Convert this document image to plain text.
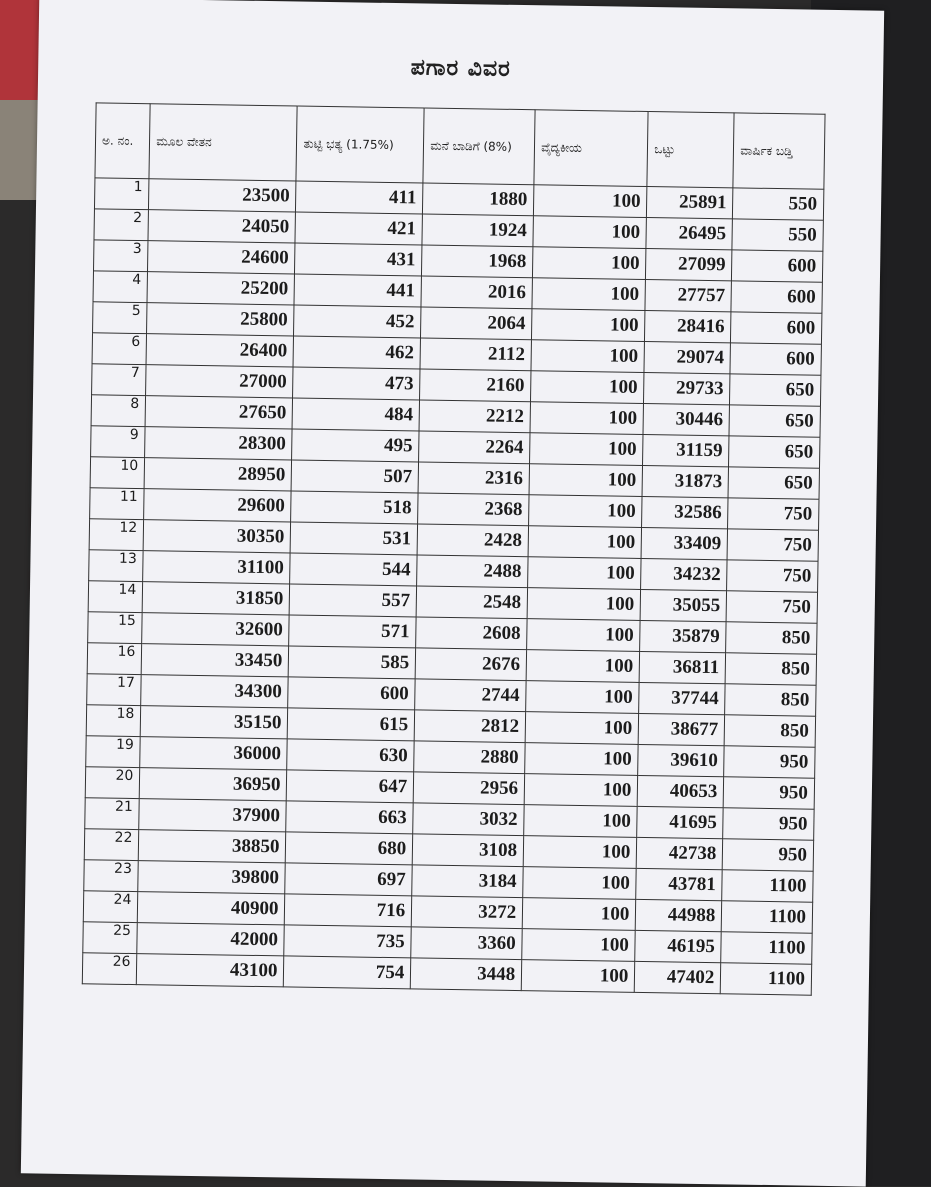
ಪಗಾರ ವಿವರ
ಅ. ನಂ.	ಮೂಲ ವೇತನ	ತುಟ್ಟಿ ಭತ್ಯ (1.75%)	ಮನೆ ಬಾಡಿಗೆ (8%)	ವೈದ್ಯಕೀಯ	ಒಟ್ಟು	ವಾರ್ಷಿಕ ಬಡ್ತಿ
1	23500	411	1880	100	25891	550
2	24050	421	1924	100	26495	550
3	24600	431	1968	100	27099	600
4	25200	441	2016	100	27757	600
5	25800	452	2064	100	28416	600
6	26400	462	2112	100	29074	600
7	27000	473	2160	100	29733	650
8	27650	484	2212	100	30446	650
9	28300	495	2264	100	31159	650
10	28950	507	2316	100	31873	650
11	29600	518	2368	100	32586	750
12	30350	531	2428	100	33409	750
13	31100	544	2488	100	34232	750
14	31850	557	2548	100	35055	750
15	32600	571	2608	100	35879	850
16	33450	585	2676	100	36811	850
17	34300	600	2744	100	37744	850
18	35150	615	2812	100	38677	850
19	36000	630	2880	100	39610	950
20	36950	647	2956	100	40653	950
21	37900	663	3032	100	41695	950
22	38850	680	3108	100	42738	950
23	39800	697	3184	100	43781	1100
24	40900	716	3272	100	44988	1100
25	42000	735	3360	100	46195	1100
26	43100	754	3448	100	47402	1100
